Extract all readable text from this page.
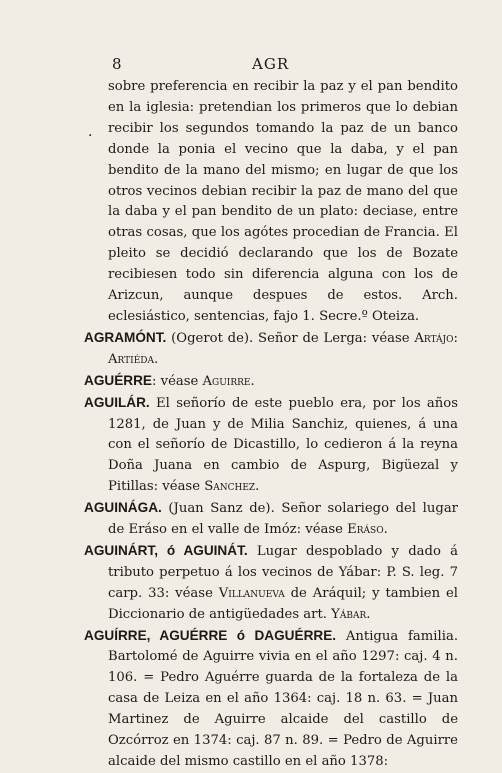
8	AGR
·

sobre preferencia en recibir la paz y el pan bendito en la iglesia: pretendian los primeros que lo debian recibir los segundos tomando la paz de un banco donde la ponia el vecino que la daba, y el pan bendito de la mano del mismo; en lugar de que los otros vecinos debian recibir la paz de mano del que la daba y el pan bendito de un plato: deciase, entre otras cosas, que los agótes procedian de Francia. El pleito se decidió declarando que los de Bozate recibiesen todo sin diferencia alguna con los de Arizcun, aunque despues de estos. Arch. eclesiástico, sentencias, fajo 1. Secre.º Oteiza.

AGRAMÓNT. (Ogerot de). Señor de Lerga: véase Artájo: Artiéda.

AGUÉRRE: véase Aguirre.

AGUILÁR. El señorío de este pueblo era, por los años 1281, de Juan y de Milia Sanchiz, quienes, á una con el señorío de Dicastillo, lo cedieron á la reyna Doña Juana en cambio de Aspurg, Bigüezal y Pitillas: véase Sanchez.

AGUINÁGA. (Juan Sanz de). Señor solariego del lugar de Eráso en el valle de Imóz: véase Eráso.

AGUINÁRT, ó AGUINÁT. Lugar despoblado y dado á tributo perpetuo á los vecinos de Yábar: P. S. leg. 7 carp. 33: véase Villanueva de Aráquil; y tambien el Diccionario de antigüedades art. Yábar.

AGUÍRRE, AGUÉRRE ó DAGUÉRRE. Antigua familia. Bartolomé de Aguirre vivia en el año 1297: caj. 4 n. 106. = Pedro Aguérre guarda de la fortaleza de la casa de Leiza en el año 1364: caj. 18 n. 63. = Juan Martinez de Aguirre alcaide del castillo de Ozcórroz en 1374: caj. 87 n. 89. = Pedro de Aguirre alcaide del mismo castillo en el año 1378:
